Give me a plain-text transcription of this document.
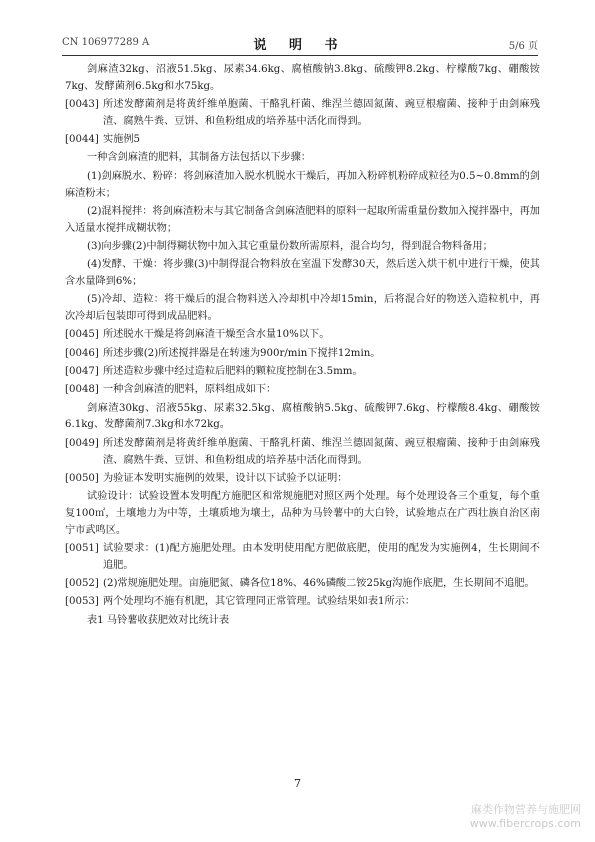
CN 106977289 A	说 明 书	5/6 页
剑麻渣32kg、沼液51.5kg、尿素34.6kg、腐植酸钠3.8kg、硫酸钾8.2kg、柠檬酸7kg、硼酸铵7kg、发酵菌剂6.5kg和水75kg。
[0043] 所述发酵菌剂是将黄纤维单胞菌、干酪乳杆菌、维涅兰德固氮菌、豌豆根瘤菌、接种于由剑麻残渣、腐熟牛粪、豆饼、和鱼粉组成的培养基中活化而得到。
[0044] 实施例5
一种含剑麻渣的肥料，其制备方法包括以下步骤：
(1)剑麻脱水、粉碎：将剑麻渣加入脱水机脱水干燥后，再加入粉碎机粉碎成粒径为0.5~0.8mm的剑麻渣粉末；
(2)混料搅拌：将剑麻渣粉末与其它制备含剑麻渣肥料的原料一起取所需重量份数加入搅拌器中，再加入适量水搅拌成糊状物；
(3)向步骤(2)中制得糊状物中加入其它重量份数所需原料，混合均匀，得到混合物料备用；
(4)发酵、干燥：将步骤(3)中制得混合物料放在室温下发酵30天，然后送入烘干机中进行干燥，使其含水量降到6%；
(5)冷却、造粒：将干燥后的混合物料送入冷却机中冷却15min，后将混合好的物送入造粒机中，再次冷却后包装即可得到成品肥料。
[0045] 所述脱水干燥是将剑麻渣干燥至含水量10%以下。
[0046] 所述步骤(2)所述搅拌器是在转速为900r/min下搅拌12min。
[0047] 所述造粒步骤中经过造粒后肥料的颗粒度控制在3.5mm。
[0048] 一种含剑麻渣的肥料，原料组成如下：
剑麻渣30kg、沼液55kg、尿素32.5kg、腐植酸钠5.5kg、硫酸钾7.6kg、柠檬酸8.4kg、硼酸铵6.1kg、发酵菌剂7.3kg和水72kg。
[0049] 所述发酵菌剂是将黄纤维单胞菌、干酪乳杆菌、维涅兰德固氮菌、豌豆根瘤菌、接种于由剑麻残渣、腐熟牛粪、豆饼、和鱼粉组成的培养基中活化而得到。
[0050] 为验证本发明实施例的效果，设计以下试验予以证明：
试验设计：试验设置本发明配方施肥区和常规施肥对照区两个处理。每个处理设各三个重复，每个重复100㎡，土壤地力为中等，土壤质地为壤土，品种为马铃薯中的大白铃，试验地点在广西壮族自治区南宁市武鸣区。
[0051] 试验要求：(1)配方施肥处理。由本发明使用配方肥做底肥，使用的配发为实施例4，生长期间不追肥。
[0052] (2)常规施肥处理。亩施肥氮、磷各位18%、46%磷酸二铵25kg沟施作底肥，生长期间不追肥。
[0053] 两个处理均不施有机肥，其它管理同正常管理。试验结果如表1所示：
表1 马铃薯收获肥效对比统计表
7
麻类作物营养与施肥网
www.fibercrops.com
